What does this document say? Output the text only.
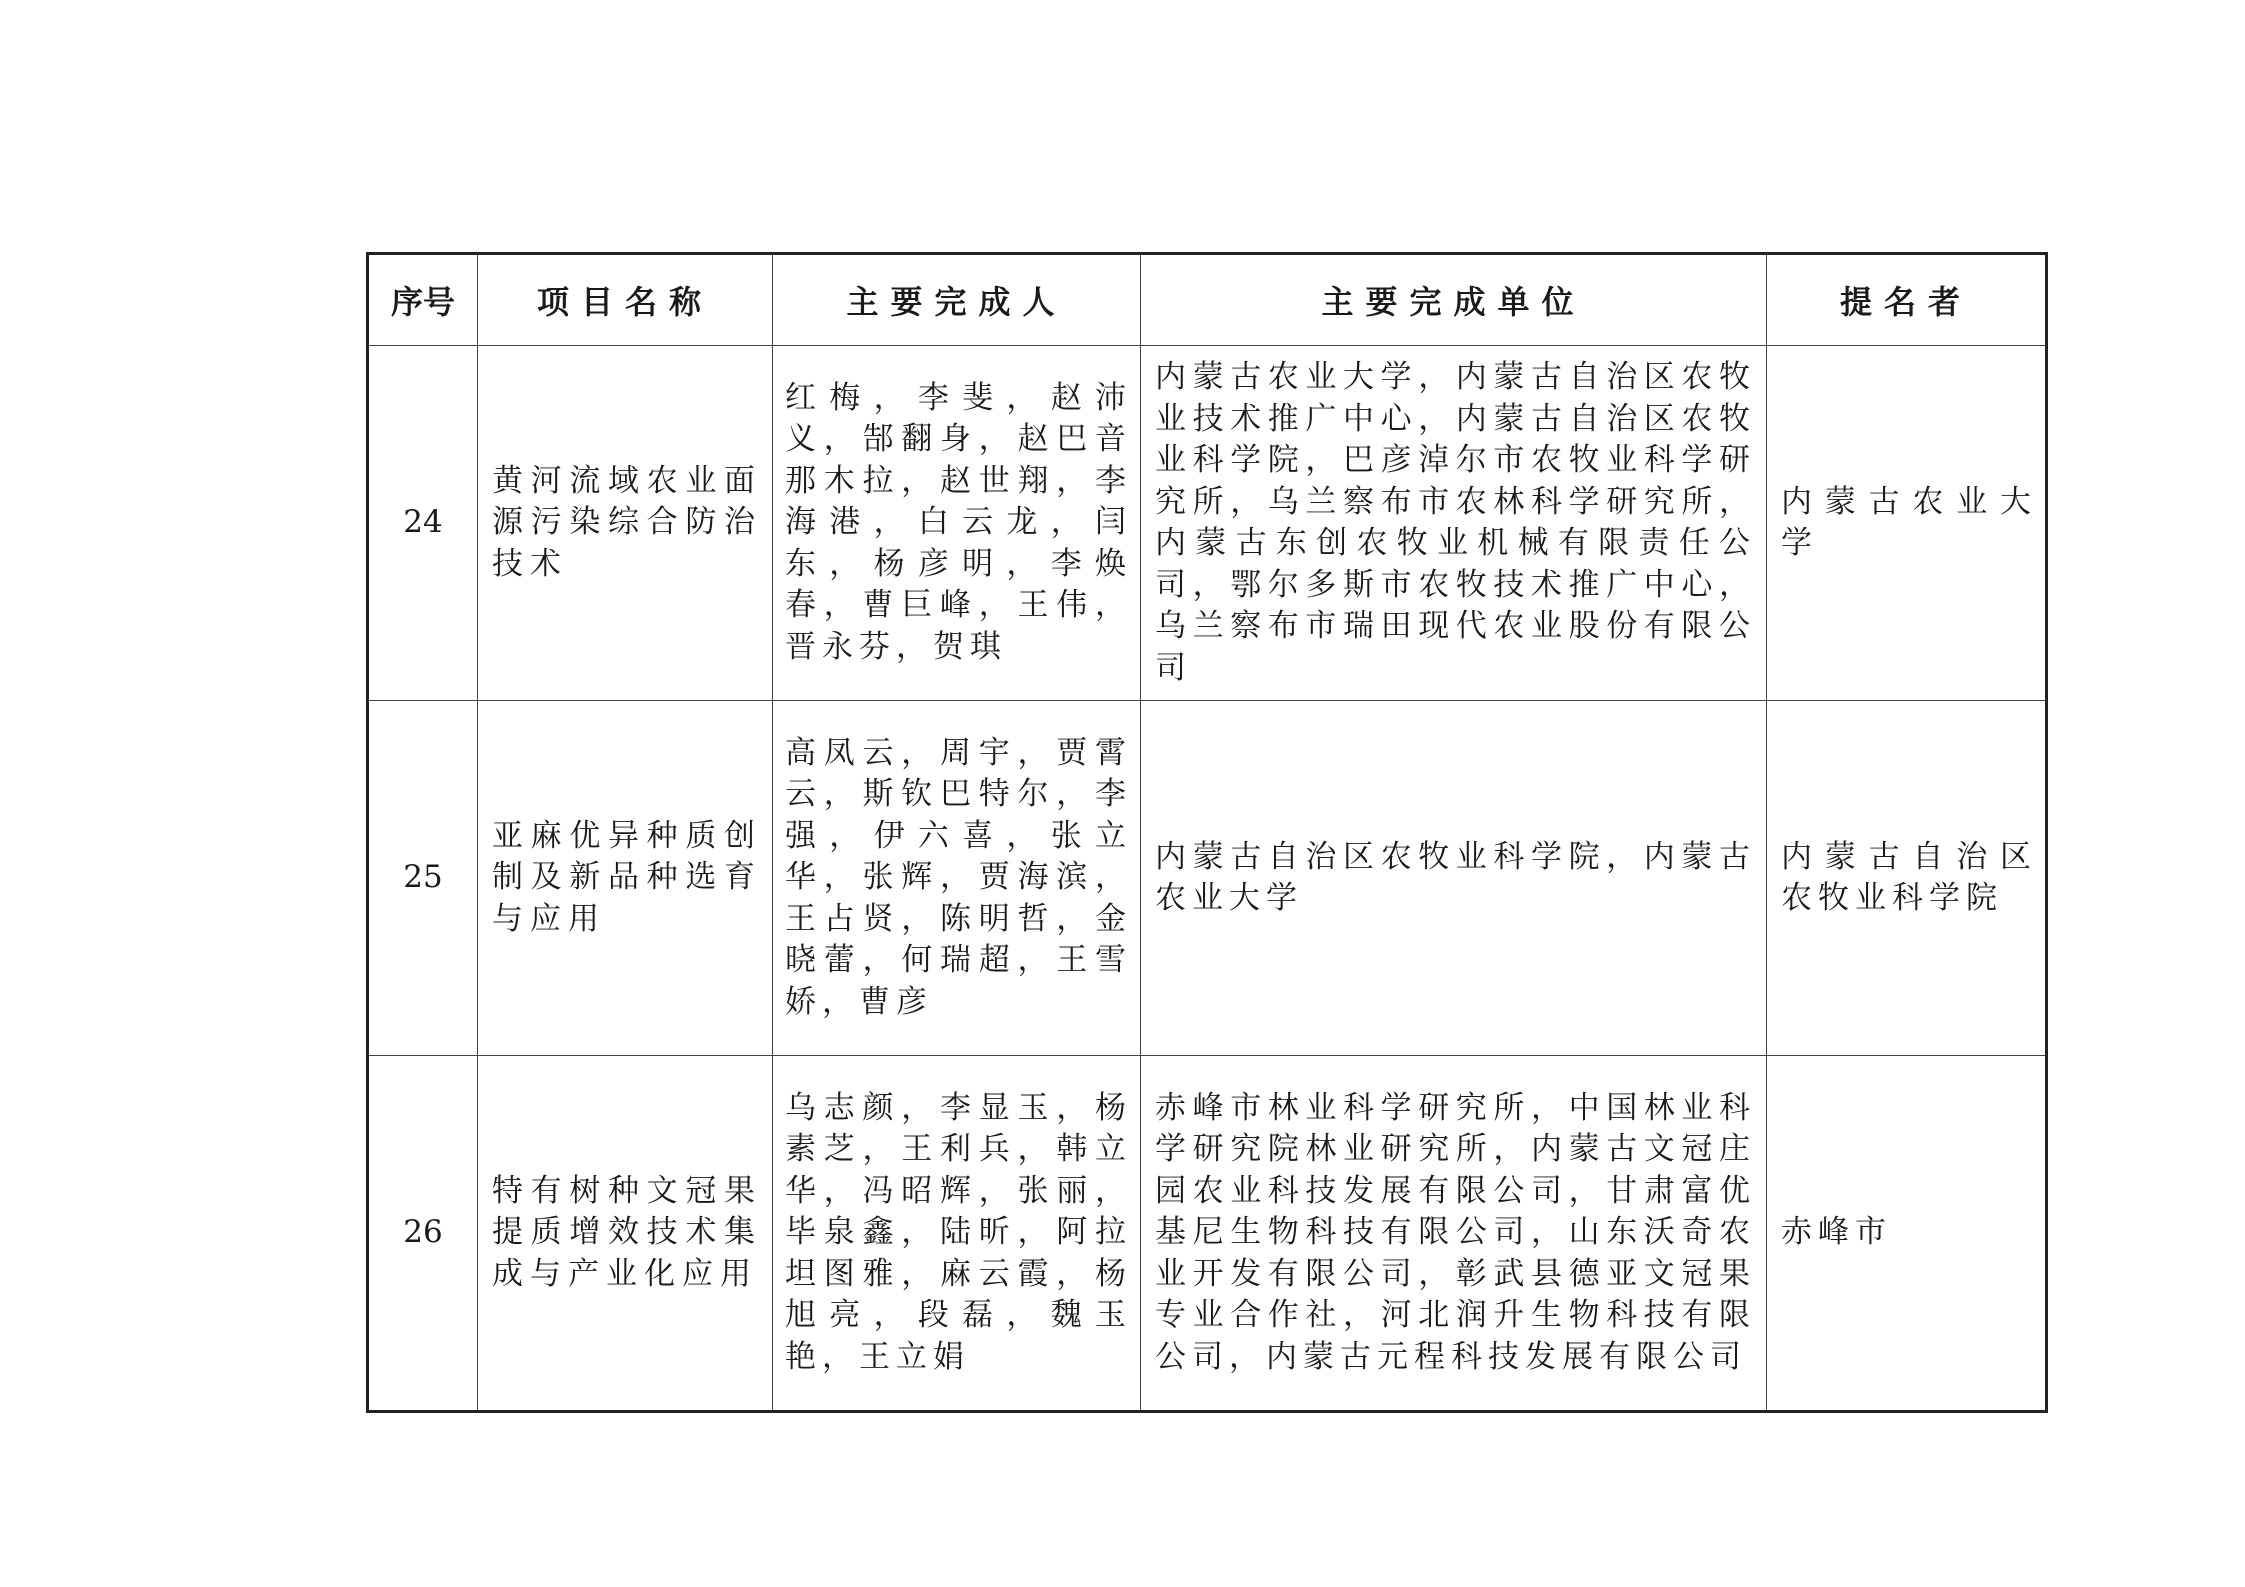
序号	项目名称	主要完成人	主要完成单位	提名者
24	黄河流域农业面源污染综合防治技术	红梅，李斐，赵沛义，郜翻身，赵巴音那木拉，赵世翔，李海港，白云龙，闫东，杨彦明，李焕春，曹巨峰，王伟，晋永芬，贺琪	内蒙古农业大学，内蒙古自治区农牧业技术推广中心，内蒙古自治区农牧业科学院，巴彦淖尔市农牧业科学研究所，乌兰察布市农林科学研究所，内蒙古东创农牧业机械有限责任公司，鄂尔多斯市农牧技术推广中心，乌兰察布市瑞田现代农业股份有限公司	内蒙古农业大学
25	亚麻优异种质创制及新品种选育与应用	高凤云，周宇，贾霄云，斯钦巴特尔，李强，伊六喜，张立华，张辉，贾海滨，王占贤，陈明哲，金晓蕾，何瑞超，王雪娇，曹彦	内蒙古自治区农牧业科学院，内蒙古农业大学	内蒙古自治区农牧业科学院
26	特有树种文冠果提质增效技术集成与产业化应用	乌志颜，李显玉，杨素芝，王利兵，韩立华，冯昭辉，张丽，毕泉鑫，陆昕，阿拉坦图雅，麻云霞，杨旭亮，段磊，魏玉艳，王立娟	赤峰市林业科学研究所，中国林业科学研究院林业研究所，内蒙古文冠庄园农业科技发展有限公司，甘肃富优基尼生物科技有限公司，山东沃奇农业开发有限公司，彰武县德亚文冠果专业合作社，河北润升生物科技有限公司，内蒙古元程科技发展有限公司	赤峰市
